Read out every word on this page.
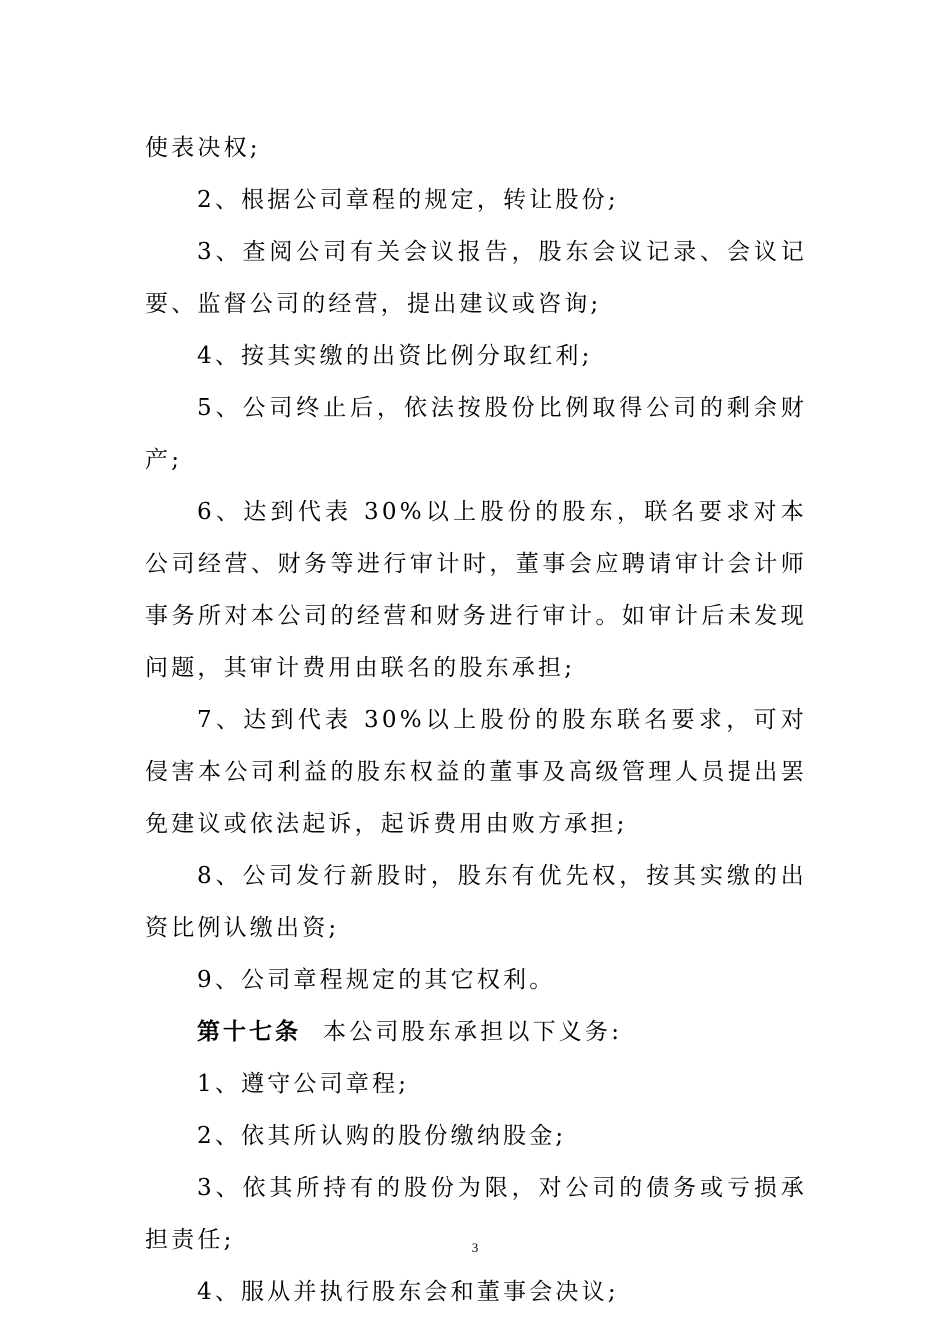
使表决权;

2、根据公司章程的规定，转让股份;

3、查阅公司有关会议报告，股东会议记录、会议记要、监督公司的经营，提出建议或咨询;

4、按其实缴的出资比例分取红利;

5、公司终止后，依法按股份比例取得公司的剩余财产;

6、达到代表 30%以上股份的股东，联名要求对本公司经营、财务等进行审计时，董事会应聘请审计会计师事务所对本公司的经营和财务进行审计。如审计后未发现问题，其审计费用由联名的股东承担;

7、达到代表 30%以上股份的股东联名要求，可对侵害本公司利益的股东权益的董事及高级管理人员提出罢免建议或依法起诉，起诉费用由败方承担;

8、公司发行新股时，股东有优先权，按其实缴的出资比例认缴出资;

9、公司章程规定的其它权利。

第十七条 本公司股东承担以下义务:

1、遵守公司章程;

2、依其所认购的股份缴纳股金;

3、依其所持有的股份为限，对公司的债务或亏损承担责任;

4、服从并执行股东会和董事会决议;

3
